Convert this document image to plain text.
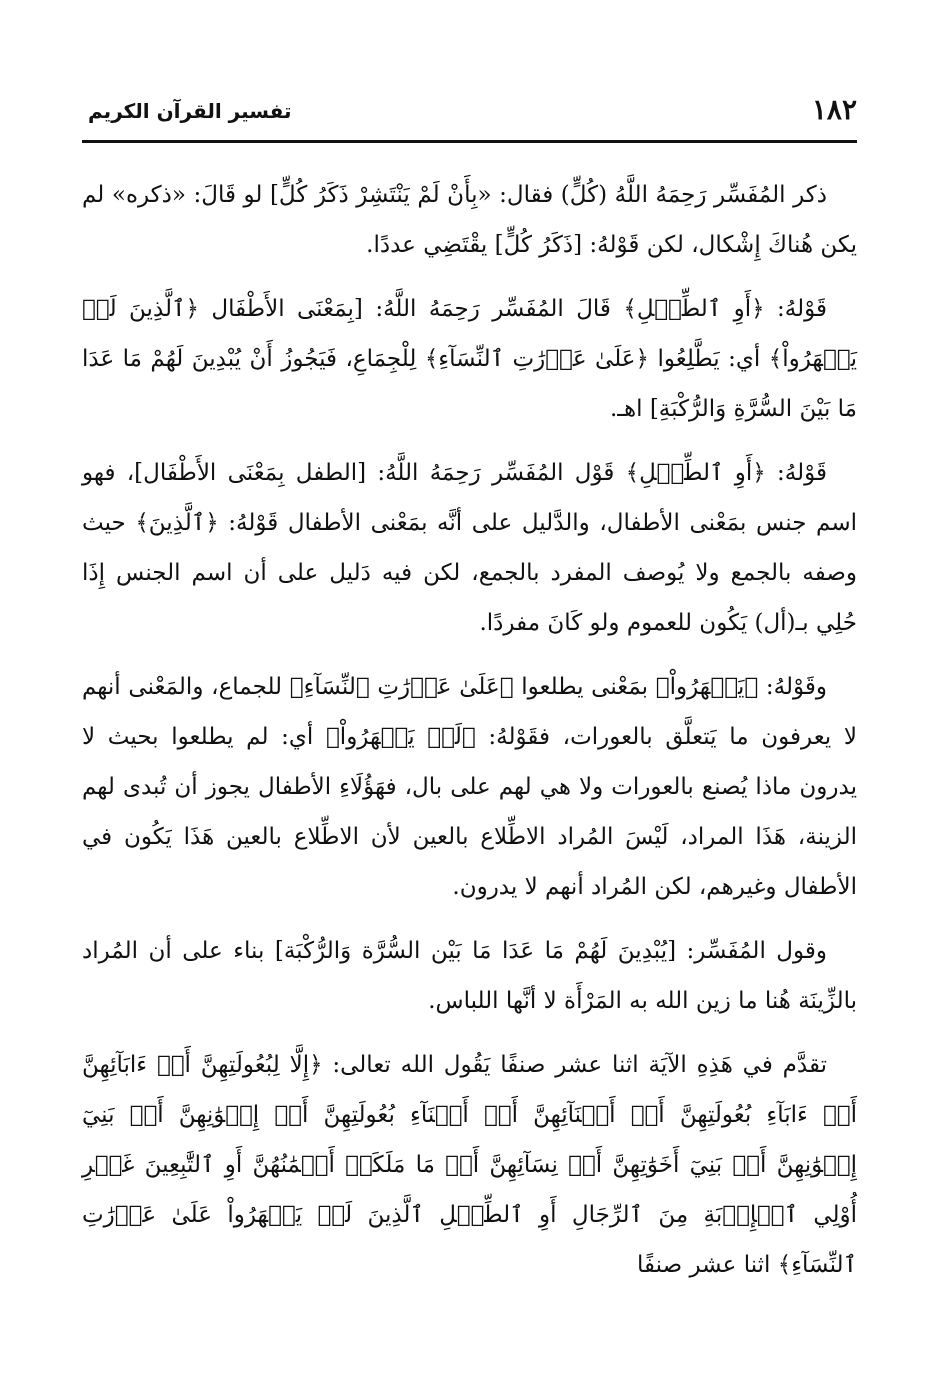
١٨٢
تفسير القرآن الكريم

ذكر المُفَسِّر رَحِمَهُ اللَّهُ (كُلٍّ) فقال: «بِأَنْ لَمْ يَنْتَشِرْ ذَكَرُ كُلٍّ] لو قَالَ: «ذكره» لم يكن هُناكَ إِشْكال، لكن قَوْلهُ: [ذَكَرُ كُلٍّ] يقْتَضِي عددًا.

قَوْلهُ: ﴿أَوِ ٱلطِّفۡلِ﴾ قَالَ المُفَسِّر رَحِمَهُ اللَّهُ: [بِمَعْنَى الأَطْفَال ﴿ٱلَّذِينَ لَمۡ يَظۡهَرُواْ﴾ أي: يَطَّلِعُوا ﴿عَلَىٰ عَوۡرَٰتِ ٱلنِّسَآءِ﴾ لِلْجِمَاعِ، فَيَجُوزُ أَنْ يُبْدِينَ لَهُمْ مَا عَدَا مَا بَيْنَ السُّرَّةِ وَالرُّكْبَةِ] اهـ.

قَوْلهُ: ﴿أَوِ ٱلطِّفۡلِ﴾ قَوْل المُفَسِّر رَحِمَهُ اللَّهُ: [الطفل بِمَعْنَى الأَطْفَال]، فهو اسم جنس بمَعْنى الأطفال، والدَّليل على أنَّه بمَعْنى الأطفال قَوْلهُ: ﴿ٱلَّذِينَ﴾ حيث وصفه بالجمع ولا يُوصف المفرد بالجمع، لكن فيه دَليل على أن اسم الجنس إِذَا حُلِي بـ(أل) يَكُون للعموم ولو كَانَ مفردًا.

وقَوْلهُ: ﴿يَظۡهَرُواْ﴾ بمَعْنى يطلعوا ﴿عَلَىٰ عَوۡرَٰتِ ٱلنِّسَآءِ﴾ للجماع، والمَعْنى أنهم لا يعرفون ما يَتعلَّق بالعورات، فقَوْلهُ: ﴿لَمۡ يَظۡهَرُواْ﴾ أي: لم يطلعوا بحيث لا يدرون ماذا يُصنع بالعورات ولا هي لهم على بال، فهَؤُلَاءِ الأطفال يجوز أن تُبدى لهم الزينة، هَذَا المراد، لَيْسَ المُراد الاطِّلاع بالعين لأن الاطِّلاع بالعين هَذَا يَكُون في الأطفال وغيرهم، لكن المُراد أنهم لا يدرون.

وقول المُفَسِّر: [يُبْدِينَ لَهُمْ مَا عَدَا مَا بَيْن السُّرَّة وَالرُّكْبَة] بناء على أن المُراد بالزِّينَة هُنا ما زين الله به المَرْأَة لا أنَّها اللباس.

تقدَّم في هَذِهِ الآيَة اثنا عشر صنفًا يَقُول الله تعالى: ﴿إِلَّا لِبُعُولَتِهِنَّ أَوۡ ءَابَآئِهِنَّ أَوۡ ءَابَآءِ بُعُولَتِهِنَّ أَوۡ أَبۡنَآئِهِنَّ أَوۡ أَبۡنَآءِ بُعُولَتِهِنَّ أَوۡ إِخۡوَٰنِهِنَّ أَوۡ بَنِيٓ إِخۡوَٰنِهِنَّ أَوۡ بَنِيٓ أَخَوَٰتِهِنَّ أَوۡ نِسَآئِهِنَّ أَوۡ مَا مَلَكَتۡ أَيۡمَٰنُهُنَّ أَوِ ٱلتَّٰبِعِينَ غَيۡرِ أُوْلِي ٱلۡإِرۡبَةِ مِنَ ٱلرِّجَالِ أَوِ ٱلطِّفۡلِ ٱلَّذِينَ لَمۡ يَظۡهَرُواْ عَلَىٰ عَوۡرَٰتِ ٱلنِّسَآءِ﴾ اثنا عشر صنفًا
